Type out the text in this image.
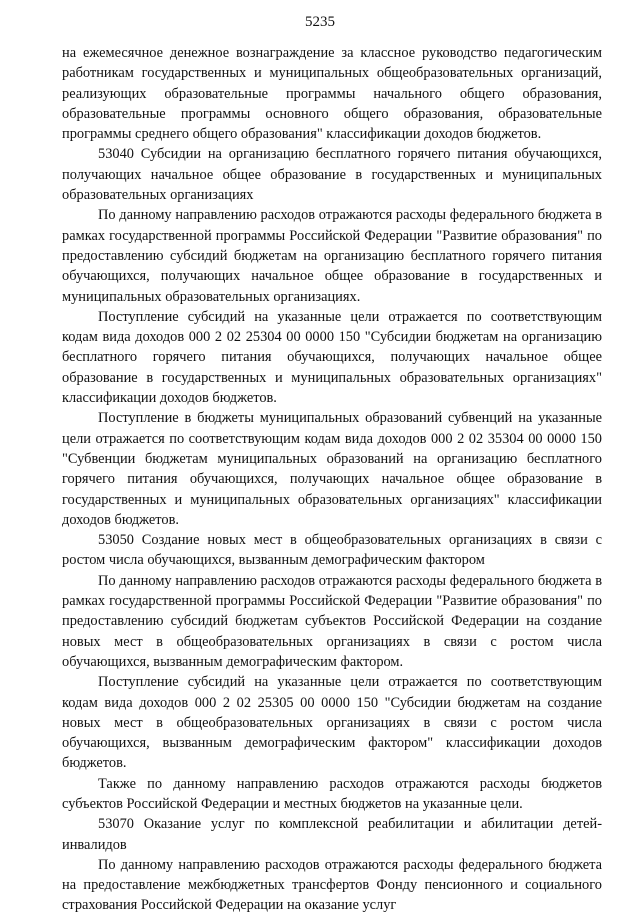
5235

на ежемесячное денежное вознаграждение за классное руководство педагогическим работникам государственных и муниципальных общеобразовательных организаций, реализующих образовательные программы начального общего образования, образовательные программы основного общего образования, образовательные программы среднего общего образования" классификации доходов бюджетов.

53040 Субсидии на организацию бесплатного горячего питания обучающихся, получающих начальное общее образование в государственных и муниципальных образовательных организациях

По данному направлению расходов отражаются расходы федерального бюджета в рамках государственной программы Российской Федерации "Развитие образования" по предоставлению субсидий бюджетам на организацию бесплатного горячего питания обучающихся, получающих начальное общее образование в государственных и муниципальных образовательных организациях.

Поступление субсидий на указанные цели отражается по соответствующим кодам вида доходов 000 2 02 25304 00 0000 150 "Субсидии бюджетам на организацию бесплатного горячего питания обучающихся, получающих начальное общее образование в государственных и муниципальных образовательных организациях" классификации доходов бюджетов.

Поступление в бюджеты муниципальных образований субвенций на указанные цели отражается по соответствующим кодам вида доходов 000 2 02 35304 00 0000 150 "Субвенции бюджетам муниципальных образований на организацию бесплатного горячего питания обучающихся, получающих начальное общее образование в государственных и муниципальных образовательных организациях" классификации доходов бюджетов.

53050 Создание новых мест в общеобразовательных организациях в связи с ростом числа обучающихся, вызванным демографическим фактором

По данному направлению расходов отражаются расходы федерального бюджета в рамках государственной программы Российской Федерации "Развитие образования" по предоставлению субсидий бюджетам субъектов Российской Федерации на создание новых мест в общеобразовательных организациях в связи с ростом числа обучающихся, вызванным демографическим фактором.

Поступление субсидий на указанные цели отражается по соответствующим кодам вида доходов 000 2 02 25305 00 0000 150 "Субсидии бюджетам на создание новых мест в общеобразовательных организациях в связи с ростом числа обучающихся, вызванным демографическим фактором" классификации доходов бюджетов.

Также по данному направлению расходов отражаются расходы бюджетов субъектов Российской Федерации и местных бюджетов на указанные цели.

53070 Оказание услуг по комплексной реабилитации и абилитации детей-инвалидов

По данному направлению расходов отражаются расходы федерального бюджета на предоставление межбюджетных трансфертов Фонду пенсионного и социального страхования Российской Федерации на оказание услуг
